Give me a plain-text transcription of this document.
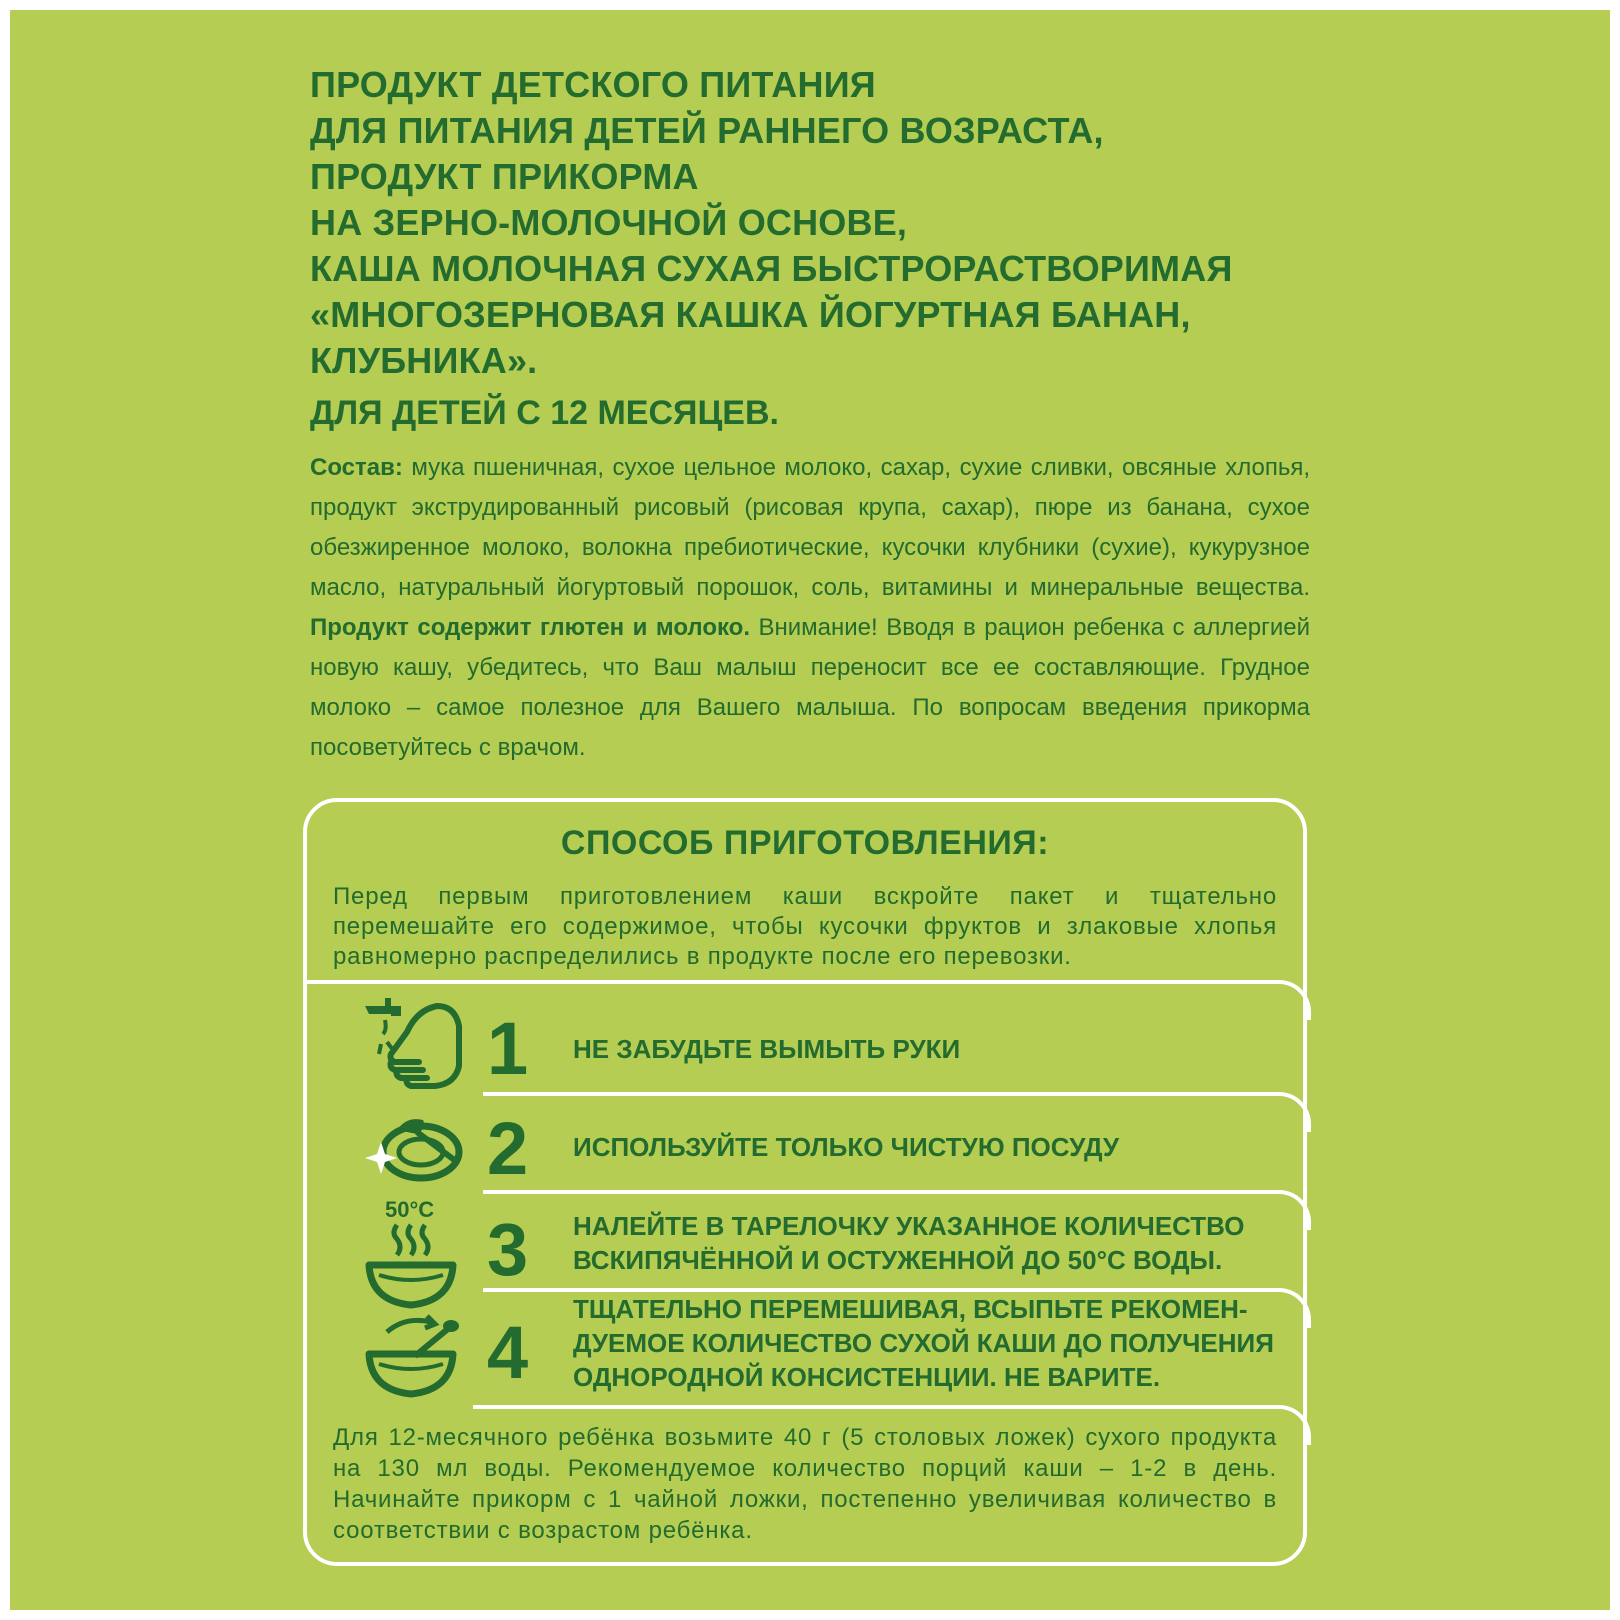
ПРОДУКТ ДЕТСКОГО ПИТАНИЯ
ДЛЯ ПИТАНИЯ ДЕТЕЙ РАННЕГО ВОЗРАСТА,
ПРОДУКТ ПРИКОРМА
НА ЗЕРНО-МОЛОЧНОЙ ОСНОВЕ,
КАША МОЛОЧНАЯ СУХАЯ БЫСТРОРАСТВОРИМАЯ
«МНОГОЗЕРНОВАЯ КАШКА ЙОГУРТНАЯ БАНАН,
КЛУБНИКА».

ДЛЯ ДЕТЕЙ С 12 МЕСЯЦЕВ.

Состав: мука пшеничная, сухое цельное молоко, сахар, сухие сливки, овсяные хлопья, продукт экструдированный рисовый (рисовая крупа, сахар), пюре из банана, сухое обезжиренное молоко, волокна пребиотические, кусочки клубники (сухие), кукурузное масло, натуральный йогуртовый порошок, соль, витамины и минеральные вещества. Продукт содержит глютен и молоко. Внимание! Вводя в рацион ребенка с аллергией новую кашу, убедитесь, что Ваш малыш переносит все ее составляющие. Грудное молоко – самое полезное для Вашего малыша. По вопросам введения прикорма посоветуйтесь с врачом.

СПОСОБ ПРИГОТОВЛЕНИЯ:

Перед первым приготовлением каши вскройте пакет и тщательно перемешайте его содержимое, чтобы кусочки фруктов и злаковые хлопья равномерно распределились в продукте после его перевозки.

1 НЕ ЗАБУДЬТЕ ВЫМЫТЬ РУКИ
2 ИСПОЛЬЗУЙТЕ ТОЛЬКО ЧИСТУЮ ПОСУДУ
50°C 3 НАЛЕЙТЕ В ТАРЕЛОЧКУ УКАЗАННОЕ КОЛИЧЕСТВО ВСКИПЯЧЁННОЙ И ОСТУЖЕННОЙ ДО 50°С ВОДЫ.
4
ТЩАТЕЛЬНО ПЕРЕМЕШИВАЯ, ВСЫПЬТЕ РЕКОМЕН-ДУЕМОЕ КОЛИЧЕСТВО СУХОЙ КАШИ ДО ПОЛУЧЕНИЯ ОДНОРОДНОЙ КОНСИСТЕНЦИИ. НЕ ВАРИТЕ.

Для 12-месячного ребёнка возьмите 40 г (5 столовых ложек) сухого продукта на 130 мл воды. Рекомендуемое количество порций каши – 1-2 в день. Начинайте прикорм с 1 чайной ложки, постепенно увеличивая количество в соответствии с возрастом ребёнка.
